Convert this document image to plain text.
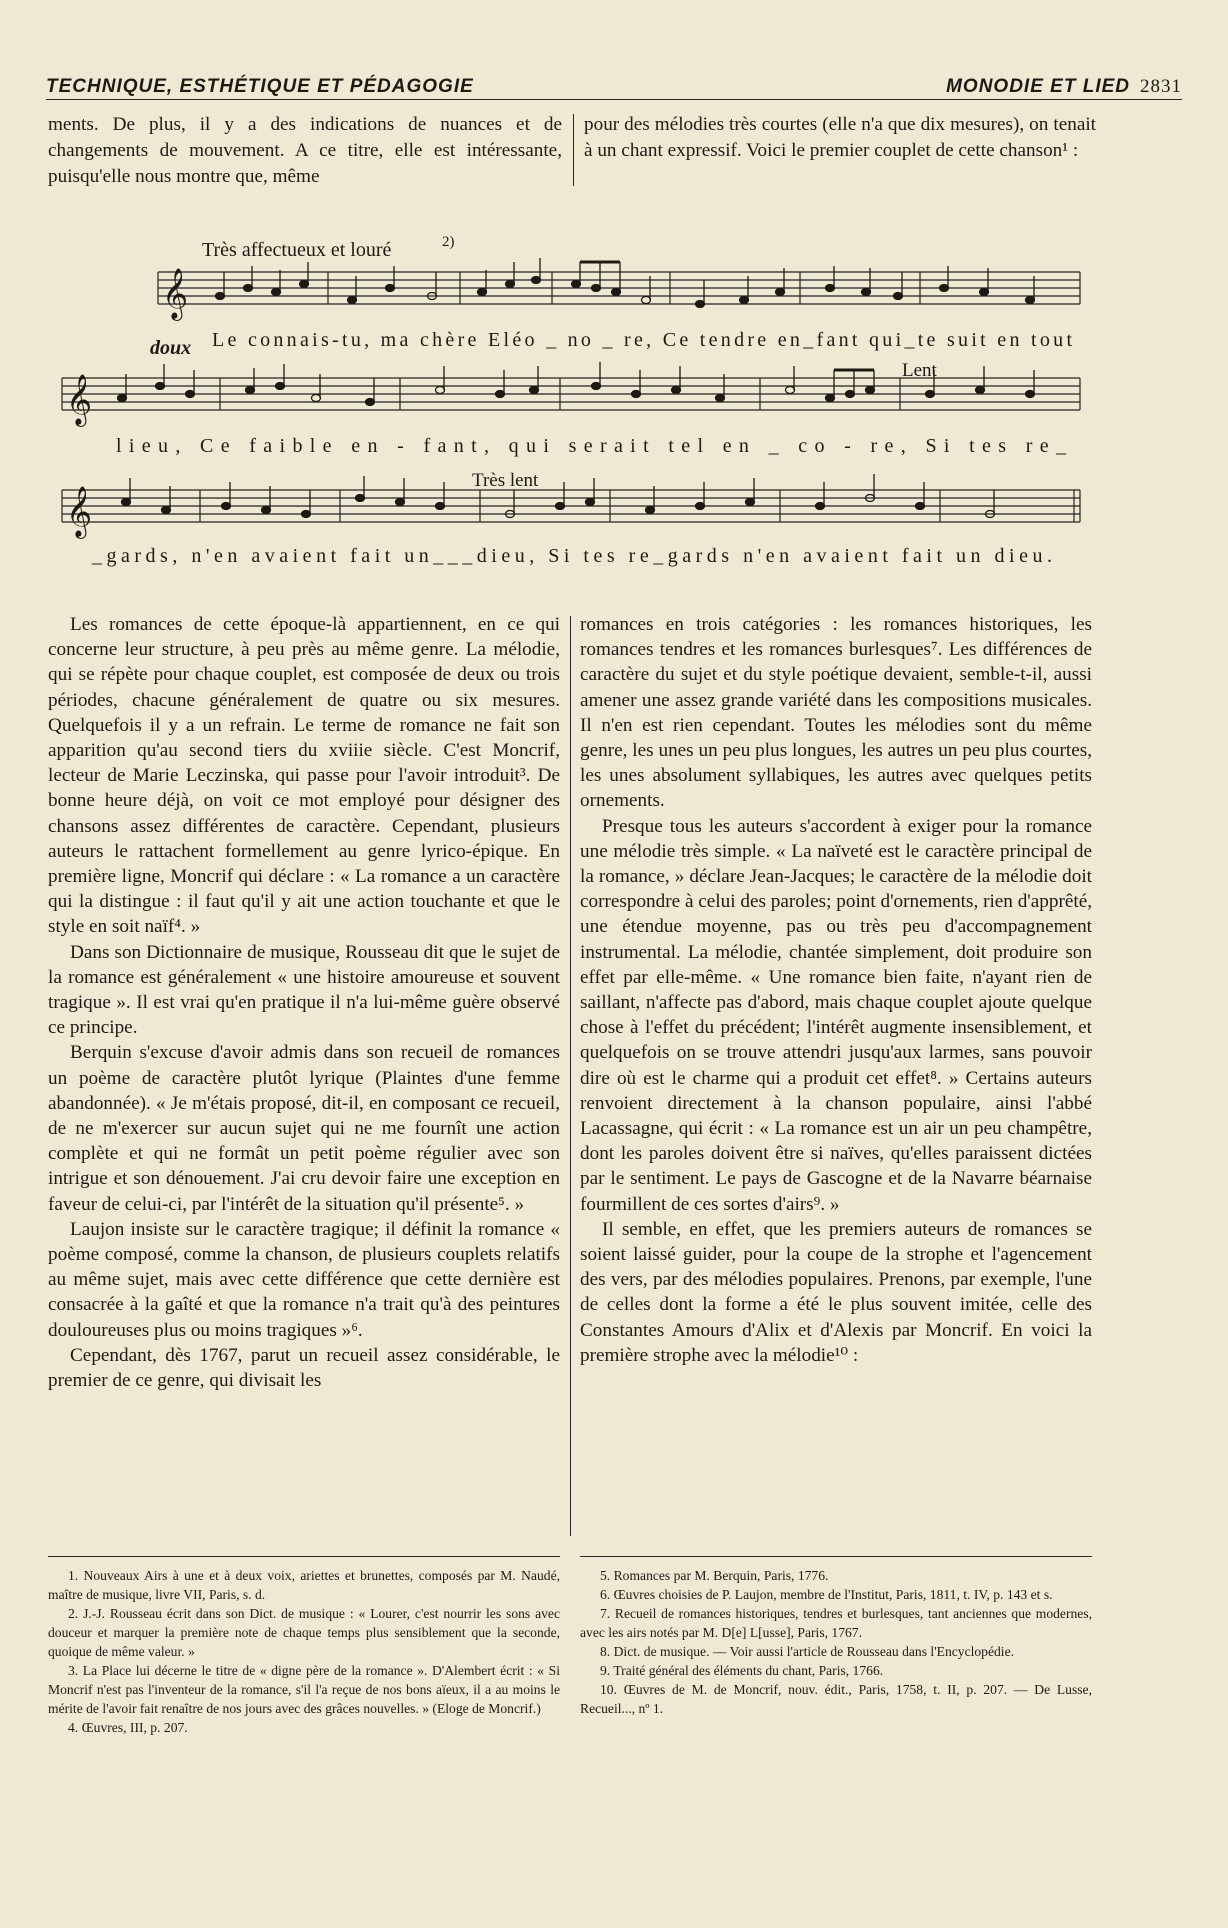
TECHNIQUE, ESTHÉTIQUE ET PÉDAGOGIE	MONODIE ET LIED 2831
ments. De plus, il y a des indications de nuances et de changements de mouvement. A ce titre, elle est intéressante, puisqu'elle nous montre que, même
pour des mélodies très courtes (elle n'a que dix mesures), on tenait à un chant expressif. Voici le premier couplet de cette chanson¹ :
𝄞
𝄞
𝄞
Très affectueux et louré	2)
doux
Lent
Très lent
Le connais-tu, ma chère Eléo _ no _ re, Ce tendre en_fant qui_te suit en tout
lieu, Ce faible en - fant, qui serait tel en _ co - re, Si tes re_
_gards, n'en avaient fait un___dieu, Si tes re_gards n'en avaient fait un dieu.

Les romances de cette époque-là appartiennent, en ce qui concerne leur structure, à peu près au même genre. La mélodie, qui se répète pour chaque couplet, est composée de deux ou trois périodes, chacune généralement de quatre ou six mesures. Quelquefois il y a un refrain. Le terme de romance ne fait son apparition qu'au second tiers du xviiie siècle. C'est Moncrif, lecteur de Marie Leczinska, qui passe pour l'avoir introduit³. De bonne heure déjà, on voit ce mot employé pour désigner des chansons assez différentes de caractère. Cependant, plusieurs auteurs le rattachent formellement au genre lyrico-épique. En première ligne, Moncrif qui déclare : « La romance a un caractère qui la distingue : il faut qu'il y ait une action touchante et que le style en soit naïf⁴. »

Dans son Dictionnaire de musique, Rousseau dit que le sujet de la romance est généralement « une histoire amoureuse et souvent tragique ». Il est vrai qu'en pratique il n'a lui-même guère observé ce principe.

Berquin s'excuse d'avoir admis dans son recueil de romances un poème de caractère plutôt lyrique (Plaintes d'une femme abandonnée). « Je m'étais proposé, dit-il, en composant ce recueil, de ne m'exercer sur aucun sujet qui ne me fournît une action complète et qui ne formât un petit poème régulier avec son intrigue et son dénouement. J'ai cru devoir faire une exception en faveur de celui-ci, par l'intérêt de la situation qu'il présente⁵. »

Laujon insiste sur le caractère tragique; il définit la romance « poème composé, comme la chanson, de plusieurs couplets relatifs au même sujet, mais avec cette différence que cette dernière est consacrée à la gaîté et que la romance n'a trait qu'à des peintures douloureuses plus ou moins tragiques »⁶.

Cependant, dès 1767, parut un recueil assez considérable, le premier de ce genre, qui divisait les

romances en trois catégories : les romances historiques, les romances tendres et les romances burlesques⁷. Les différences de caractère du sujet et du style poétique devaient, semble-t-il, aussi amener une assez grande variété dans les compositions musicales. Il n'en est rien cependant. Toutes les mélodies sont du même genre, les unes un peu plus longues, les autres un peu plus courtes, les unes absolument syllabiques, les autres avec quelques petits ornements.

Presque tous les auteurs s'accordent à exiger pour la romance une mélodie très simple. « La naïveté est le caractère principal de la romance, » déclare Jean-Jacques; le caractère de la mélodie doit correspondre à celui des paroles; point d'ornements, rien d'apprêté, une étendue moyenne, pas ou très peu d'accompagnement instrumental. La mélodie, chantée simplement, doit produire son effet par elle-même. « Une romance bien faite, n'ayant rien de saillant, n'affecte pas d'abord, mais chaque couplet ajoute quelque chose à l'effet du précédent; l'intérêt augmente insensiblement, et quelquefois on se trouve attendri jusqu'aux larmes, sans pouvoir dire où est le charme qui a produit cet effet⁸. » Certains auteurs renvoient directement à la chanson populaire, ainsi l'abbé Lacassagne, qui écrit : « La romance est un air un peu champêtre, dont les paroles doivent être si naïves, qu'elles paraissent dictées par le sentiment. Le pays de Gascogne et de la Navarre béarnaise fourmillent de ces sortes d'airs⁹. »

Il semble, en effet, que les premiers auteurs de romances se soient laissé guider, pour la coupe de la strophe et l'agencement des vers, par des mélodies populaires. Prenons, par exemple, l'une de celles dont la forme a été le plus souvent imitée, celle des Constantes Amours d'Alix et d'Alexis par Moncrif. En voici la première strophe avec la mélodie¹⁰ :

1. Nouveaux Airs à une et à deux voix, ariettes et brunettes, composés par M. Naudé, maître de musique, livre VII, Paris, s. d.

2. J.-J. Rousseau écrit dans son Dict. de musique : « Lourer, c'est nourrir les sons avec douceur et marquer la première note de chaque temps plus sensiblement que la seconde, quoique de même valeur. »

3. La Place lui décerne le titre de « digne père de la romance ». D'Alembert écrit : « Si Moncrif n'est pas l'inventeur de la romance, s'il l'a reçue de nos bons aïeux, il a au moins le mérite de l'avoir fait renaître de nos jours avec des grâces nouvelles. » (Eloge de Moncrif.)

4. Œuvres, III, p. 207.

5. Romances par M. Berquin, Paris, 1776.

6. Œuvres choisies de P. Laujon, membre de l'Institut, Paris, 1811, t. IV, p. 143 et s.

7. Recueil de romances historiques, tendres et burlesques, tant anciennes que modernes, avec les airs notés par M. D[e] L[usse], Paris, 1767.

8. Dict. de musique. — Voir aussi l'article de Rousseau dans l'Encyclopédie.

9. Traité général des éléments du chant, Paris, 1766.

10. Œuvres de M. de Moncrif, nouv. édit., Paris, 1758, t. II, p. 207. — De Lusse, Recueil..., nº 1.
